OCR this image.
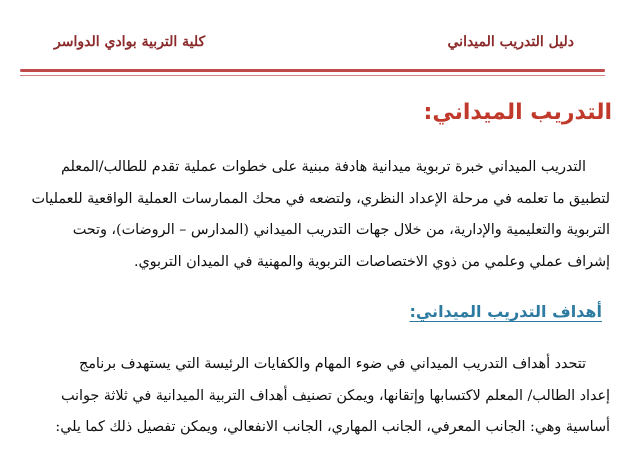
دليل التدريب الميداني
كلية التربية بوادي الدواسر
التدريب الميداني:
التدريب الميداني خبرة تربوية ميدانية هادفة مبنية على خطوات عملية تقدم للطالب/المعلم
لتطبيق ما تعلمه في مرحلة الإعداد النظري، ولتضعه في محك الممارسات العملية الواقعية للعمليات
التربوية والتعليمية والإدارية، من خلال جهات التدريب الميداني (المدارس – الروضات)، وتحت
إشراف عملي وعلمي من ذوي الاختصاصات التربوية والمهنية في الميدان التربوي.
أهداف التدريب الميداني:
تتحدد أهداف التدريب الميداني في ضوء المهام والكفايات الرئيسة التي يستهدف برنامج
إعداد الطالب/ المعلم لاكتسابها وإتقانها، ويمكن تصنيف أهداف التربية الميدانية في ثلاثة جوانب
أساسية وهي: الجانب المعرفي، الجانب المهاري، الجانب الانفعالي، ويمكن تفصيل ذلك كما يلي:
